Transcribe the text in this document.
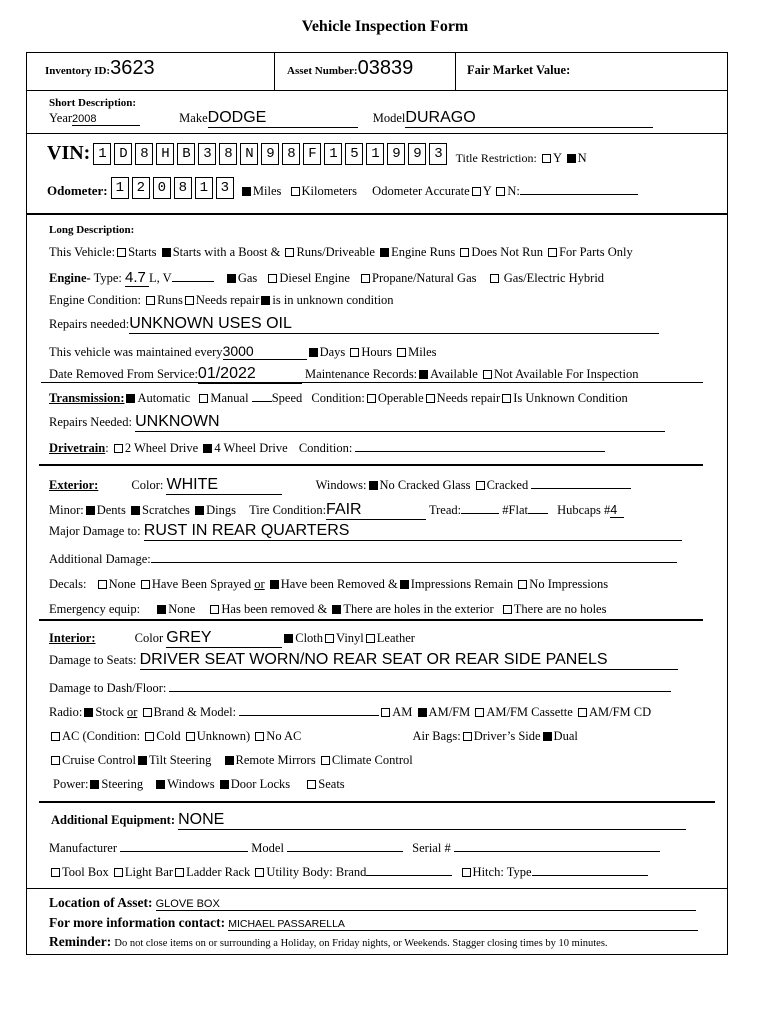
Vehicle Inspection Form
Inventory ID:3623	Asset Number:03839	Fair Market Value:
Short Description:
Year2008	MakeDODGE	ModelDURAGO
VIN: 1 D 8 H B 3 8 N 9 8 F 1 5 1 9 9 3 Title Restriction: Y N
Odometer: 1 2 0 8 1 3 Miles Kilometers Odometer Accurate Y N:
Long Description:
This Vehicle: Starts Starts with a Boost & Runs/Driveable Engine Runs Does Not Run For Parts Only
Engine- Type: 4.7 L, V	Gas Diesel Engine Propane/Natural Gas Gas/Electric Hybrid
Engine Condition: Runs Needs repair is in unknown condition
Repairs needed:UNKNOWN USES OIL
This vehicle was maintained every3000	Days Hours Miles
Date Removed From Service:01/2022	Maintenance Records: Available Not Available For Inspection
Transmission: Automatic Manual Speed Condition: Operable Needs repair Is Unknown Condition
Repairs Needed: UNKNOWN
Drivetrain: 2 Wheel Drive 4 Wheel Drive Condition:
Exterior:	Color: WHITE	Windows: No Cracked Glass Cracked
Minor: Dents Scratches Dings Tire Condition:FAIR	Tread:	#Flat Hubcaps #4
Major Damage to: RUST IN REAR QUARTERS
Additional Damage:
Decals: None Have Been Sprayed or Have been Removed & Impressions Remain No Impressions
Emergency equip: None Has been removed & There are holes in the exterior There are no holes
Interior:	Color GREY	Cloth Vinyl Leather
Damage to Seats: DRIVER SEAT WORN/NO REAR SEAT OR REAR SIDE PANELS
Damage to Dash/Floor:
Radio: Stock or Brand & Model:	AM AM/FM AM/FM Cassette AM/FM CD
AC (Condition: Cold Unknown) No AC	Air Bags: Driver’s Side Dual
Cruise Control Tilt Steering Remote Mirrors Climate Control
Power: Steering Windows Door Locks Seats
Additional Equipment: NONE
Manufacturer	Model	Serial #
Tool Box Light Bar Ladder Rack Utility Body: Brand	Hitch: Type
Location of Asset: GLOVE BOX
For more information contact: MICHAEL PASSARELLA
Reminder: Do not close items on or surrounding a Holiday, on Friday nights, or Weekends. Stagger closing times by 10 minutes.
